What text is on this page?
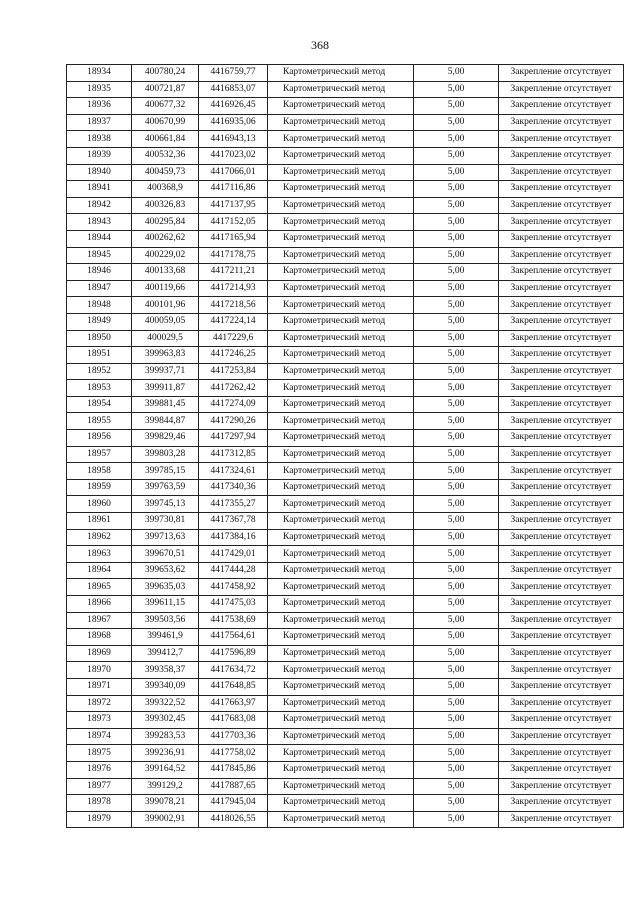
368
18934	400780,24	4416759,77	Картометрический метод	5,00	Закрепление отсутствует
18935	400721,87	4416853,07	Картометрический метод	5,00	Закрепление отсутствует
18936	400677,32	4416926,45	Картометрический метод	5,00	Закрепление отсутствует
18937	400670,99	4416935,06	Картометрический метод	5,00	Закрепление отсутствует
18938	400661,84	4416943,13	Картометрический метод	5,00	Закрепление отсутствует
18939	400532,36	4417023,02	Картометрический метод	5,00	Закрепление отсутствует
18940	400459,73	4417066,01	Картометрический метод	5,00	Закрепление отсутствует
18941	400368,9	4417116,86	Картометрический метод	5,00	Закрепление отсутствует
18942	400326,83	4417137,95	Картометрический метод	5,00	Закрепление отсутствует
18943	400295,84	4417152,05	Картометрический метод	5,00	Закрепление отсутствует
18944	400262,62	4417165,94	Картометрический метод	5,00	Закрепление отсутствует
18945	400229,02	4417178,75	Картометрический метод	5,00	Закрепление отсутствует
18946	400133,68	4417211,21	Картометрический метод	5,00	Закрепление отсутствует
18947	400119,66	4417214,93	Картометрический метод	5,00	Закрепление отсутствует
18948	400101,96	4417218,56	Картометрический метод	5,00	Закрепление отсутствует
18949	400059,05	4417224,14	Картометрический метод	5,00	Закрепление отсутствует
18950	400029,5	4417229,6	Картометрический метод	5,00	Закрепление отсутствует
18951	399963,83	4417246,25	Картометрический метод	5,00	Закрепление отсутствует
18952	399937,71	4417253,84	Картометрический метод	5,00	Закрепление отсутствует
18953	399911,87	4417262,42	Картометрический метод	5,00	Закрепление отсутствует
18954	399881,45	4417274,09	Картометрический метод	5,00	Закрепление отсутствует
18955	399844,87	4417290,26	Картометрический метод	5,00	Закрепление отсутствует
18956	399829,46	4417297,94	Картометрический метод	5,00	Закрепление отсутствует
18957	399803,28	4417312,85	Картометрический метод	5,00	Закрепление отсутствует
18958	399785,15	4417324,61	Картометрический метод	5,00	Закрепление отсутствует
18959	399763,59	4417340,36	Картометрический метод	5,00	Закрепление отсутствует
18960	399745,13	4417355,27	Картометрический метод	5,00	Закрепление отсутствует
18961	399730,81	4417367,78	Картометрический метод	5,00	Закрепление отсутствует
18962	399713,63	4417384,16	Картометрический метод	5,00	Закрепление отсутствует
18963	399670,51	4417429,01	Картометрический метод	5,00	Закрепление отсутствует
18964	399653,62	4417444,28	Картометрический метод	5,00	Закрепление отсутствует
18965	399635,03	4417458,92	Картометрический метод	5,00	Закрепление отсутствует
18966	399611,15	4417475,03	Картометрический метод	5,00	Закрепление отсутствует
18967	399503,56	4417538,69	Картометрический метод	5,00	Закрепление отсутствует
18968	399461,9	4417564,61	Картометрический метод	5,00	Закрепление отсутствует
18969	399412,7	4417596,89	Картометрический метод	5,00	Закрепление отсутствует
18970	399358,37	4417634,72	Картометрический метод	5,00	Закрепление отсутствует
18971	399340,09	4417648,85	Картометрический метод	5,00	Закрепление отсутствует
18972	399322,52	4417663,97	Картометрический метод	5,00	Закрепление отсутствует
18973	399302,45	4417683,08	Картометрический метод	5,00	Закрепление отсутствует
18974	399283,53	4417703,36	Картометрический метод	5,00	Закрепление отсутствует
18975	399236,91	4417758,02	Картометрический метод	5,00	Закрепление отсутствует
18976	399164,52	4417845,86	Картометрический метод	5,00	Закрепление отсутствует
18977	399129,2	4417887,65	Картометрический метод	5,00	Закрепление отсутствует
18978	399078,21	4417945,04	Картометрический метод	5,00	Закрепление отсутствует
18979	399002,91	4418026,55	Картометрический метод	5,00	Закрепление отсутствует
